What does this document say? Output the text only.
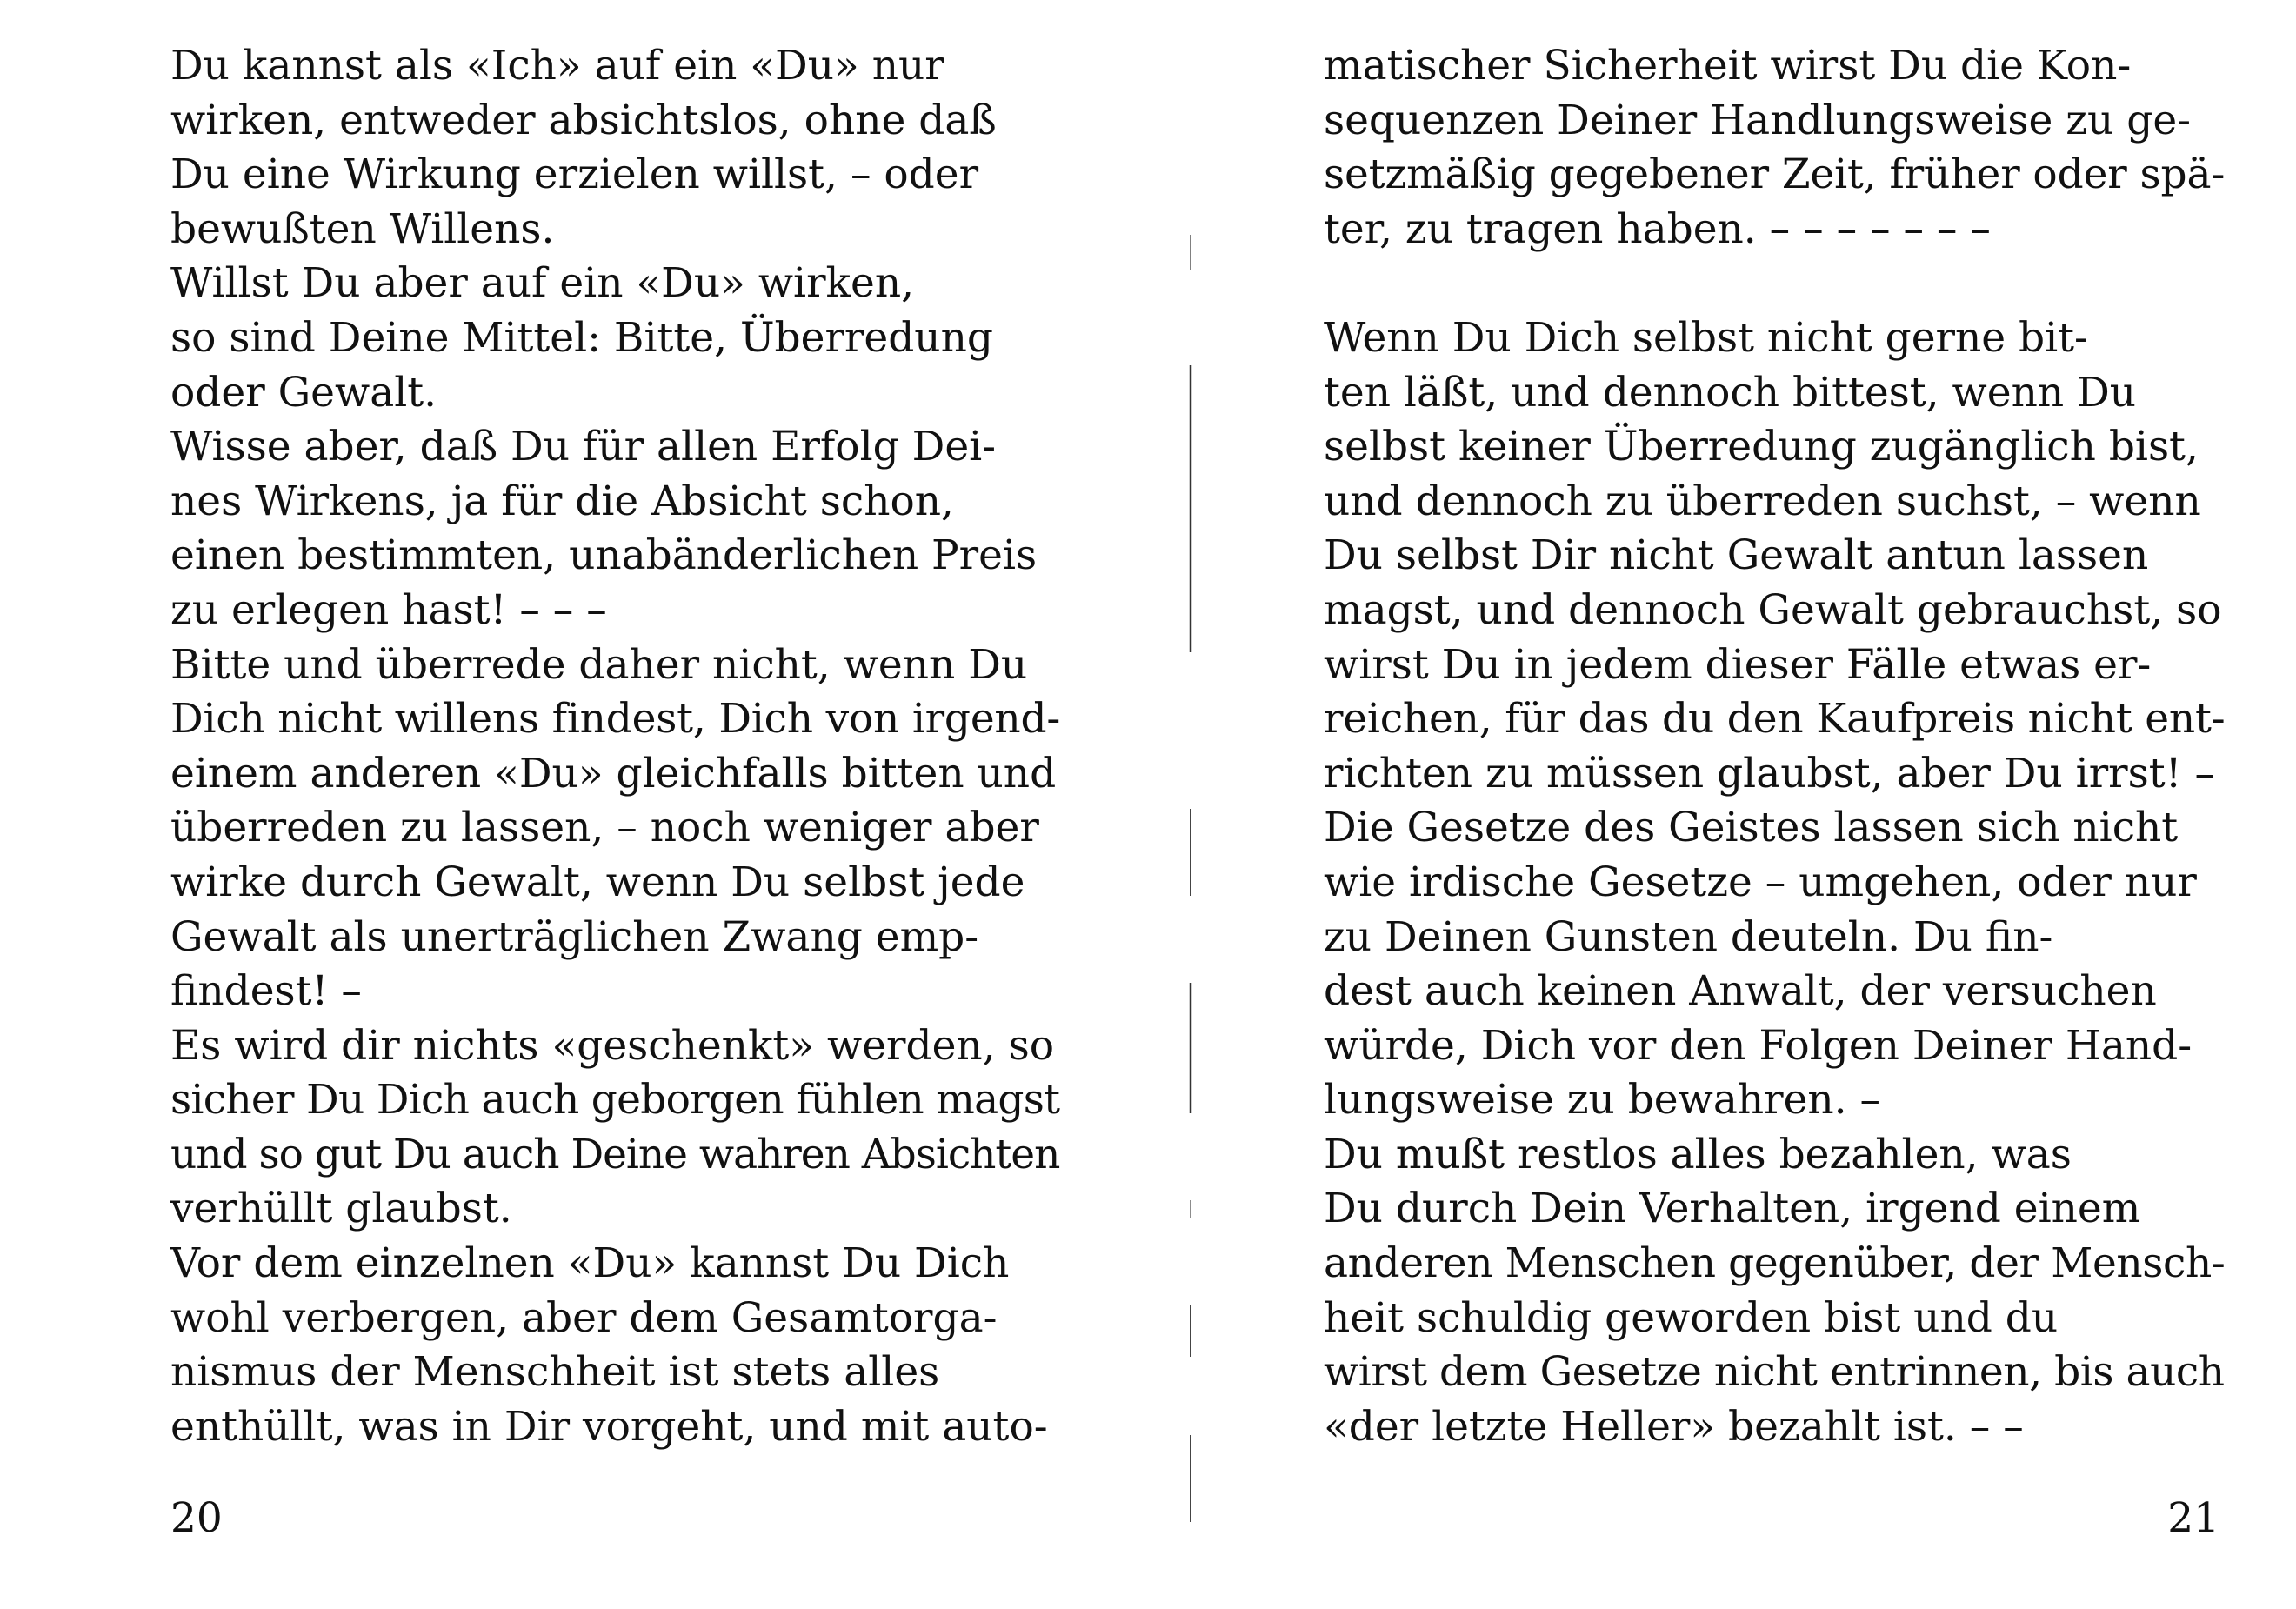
Du kannst als «Ich» auf ein «Du» nur
wirken, entweder absichtslos, ohne daß
Du eine Wirkung erzielen willst, – oder
bewußten Willens.
Willst Du aber auf ein «Du» wirken,
so sind Deine Mittel: Bitte, Überredung
oder Gewalt.
Wisse aber, daß Du für allen Erfolg Dei-
nes Wirkens, ja für die Absicht schon,
einen bestimmten, unabänderlichen Preis
zu erlegen hast! – – –
Bitte und überrede daher nicht, wenn Du
Dich nicht willens findest, Dich von irgend-
einem anderen «Du» gleichfalls bitten und
überreden zu lassen, – noch weniger aber
wirke durch Gewalt, wenn Du selbst jede
Gewalt als unerträglichen Zwang emp-
findest! –
Es wird dir nichts «geschenkt» werden, so
sicher Du Dich auch geborgen fühlen magst
und so gut Du auch Deine wahren Absichten
verhüllt glaubst.
Vor dem einzelnen «Du» kannst Du Dich
wohl verbergen, aber dem Gesamtorga-
nismus der Menschheit ist stets alles
enthüllt, was in Dir vorgeht, und mit auto-
20
matischer Sicherheit wirst Du die Kon-
sequenzen Deiner Handlungsweise zu ge-
setzmäßig gegebener Zeit, früher oder spä-
ter, zu tragen haben. – – – – – – –
Wenn Du Dich selbst nicht gerne bit-
ten läßt, und dennoch bittest, wenn Du
selbst keiner Überredung zugänglich bist,
und dennoch zu überreden suchst, – wenn
Du selbst Dir nicht Gewalt antun lassen
magst, und dennoch Gewalt gebrauchst, so
wirst Du in jedem dieser Fälle etwas er-
reichen, für das du den Kaufpreis nicht ent-
richten zu müssen glaubst, aber Du irrst! –
Die Gesetze des Geistes lassen sich nicht
wie irdische Gesetze – umgehen, oder nur
zu Deinen Gunsten deuteln. Du fin-
dest auch keinen Anwalt, der versuchen
würde, Dich vor den Folgen Deiner Hand-
lungsweise zu bewahren. –
Du mußt restlos alles bezahlen, was
Du durch Dein Verhalten, irgend einem
anderen Menschen gegenüber, der Mensch-
heit schuldig geworden bist und du
wirst dem Gesetze nicht entrinnen, bis auch
«der letzte Heller» bezahlt ist. – –
21
